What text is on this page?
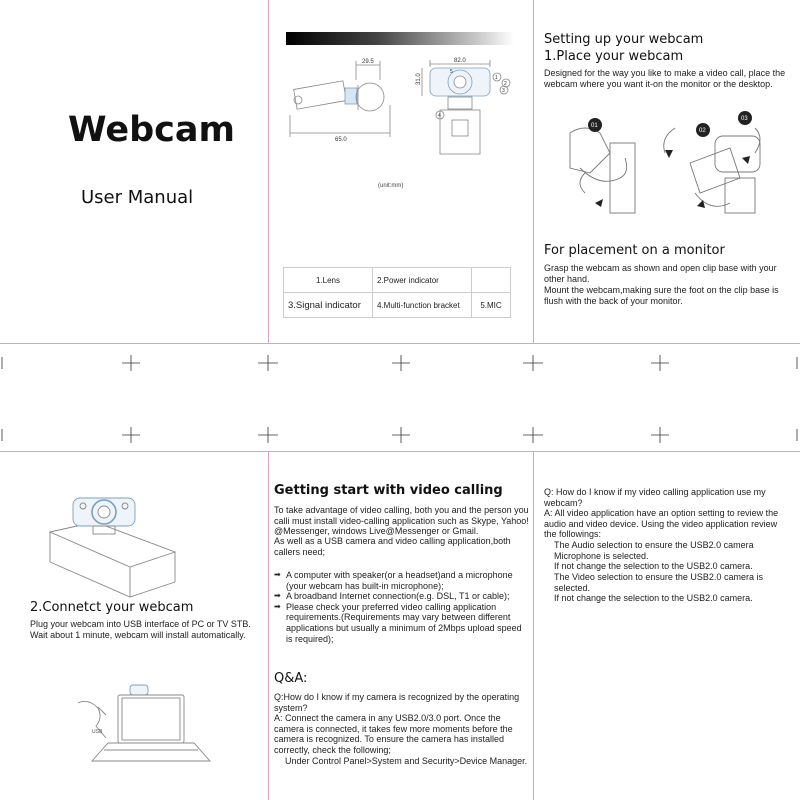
Webcam
User Manual
29.5
65.0
82.0
31.0
4
1
2
3
5
(unit:mm)
1.Lens	2.Power indicator	
3.Signal indicator	4.Multi-function bracket	5.MIC
Setting up your webcam
1.Place your webcam
Designed for the way you like to make a video call, place the webcam where you want it-on the monitor or the desktop.
01
02
03
For placement on a monitor
Grasp the webcam as shown and open clip base with your other hand.
Mount the webcam,making sure the foot on the clip base is flush with the back of your monitor.
2.Connetct your webcam
Plug your webcam into USB interface of PC or TV STB. Wait about 1 minute, webcam will install automatically.
USB
Getting start with video calling
To take advantage of video calling, both you and the person you calli must install video-calling application such as Skype, Yahoo! @Messenger, windows Live@Messenger or Gmail.
As well as a USB camera and video calling application,both callers need;
➡ A computer with speaker(or a headset)and a microphone (your webcam has built-in microphone);
➡ A broadband Internet connection(e.g. DSL, T1 or cable);
➡ Please check your preferred video calling application requirements.(Requirements may vary between different applications but usually a minimum of 2Mbps upload speed is required);
Q&A:
Q:How do I know if my camera is recognized by the operating system?
A: Connect the camera in any USB2.0/3.0 port. Once the camera is connected, it takes few more moments before the camera is recognized. To ensure the camera has installed correctly, check the following;
Under Control Panel>System and Security>Device Manager.
Q: How do I know if my video calling application use my webcam?
A: All video application have an option setting to review the audio and video device. Using the video application review the followings:
The Audio selection to ensure the USB2.0 camera Microphone is selected.
If not change the selection to the USB2.0 camera.
The Video selection to ensure the USB2.0 camera is selected.
If not change the selection to the USB2.0 camera.
